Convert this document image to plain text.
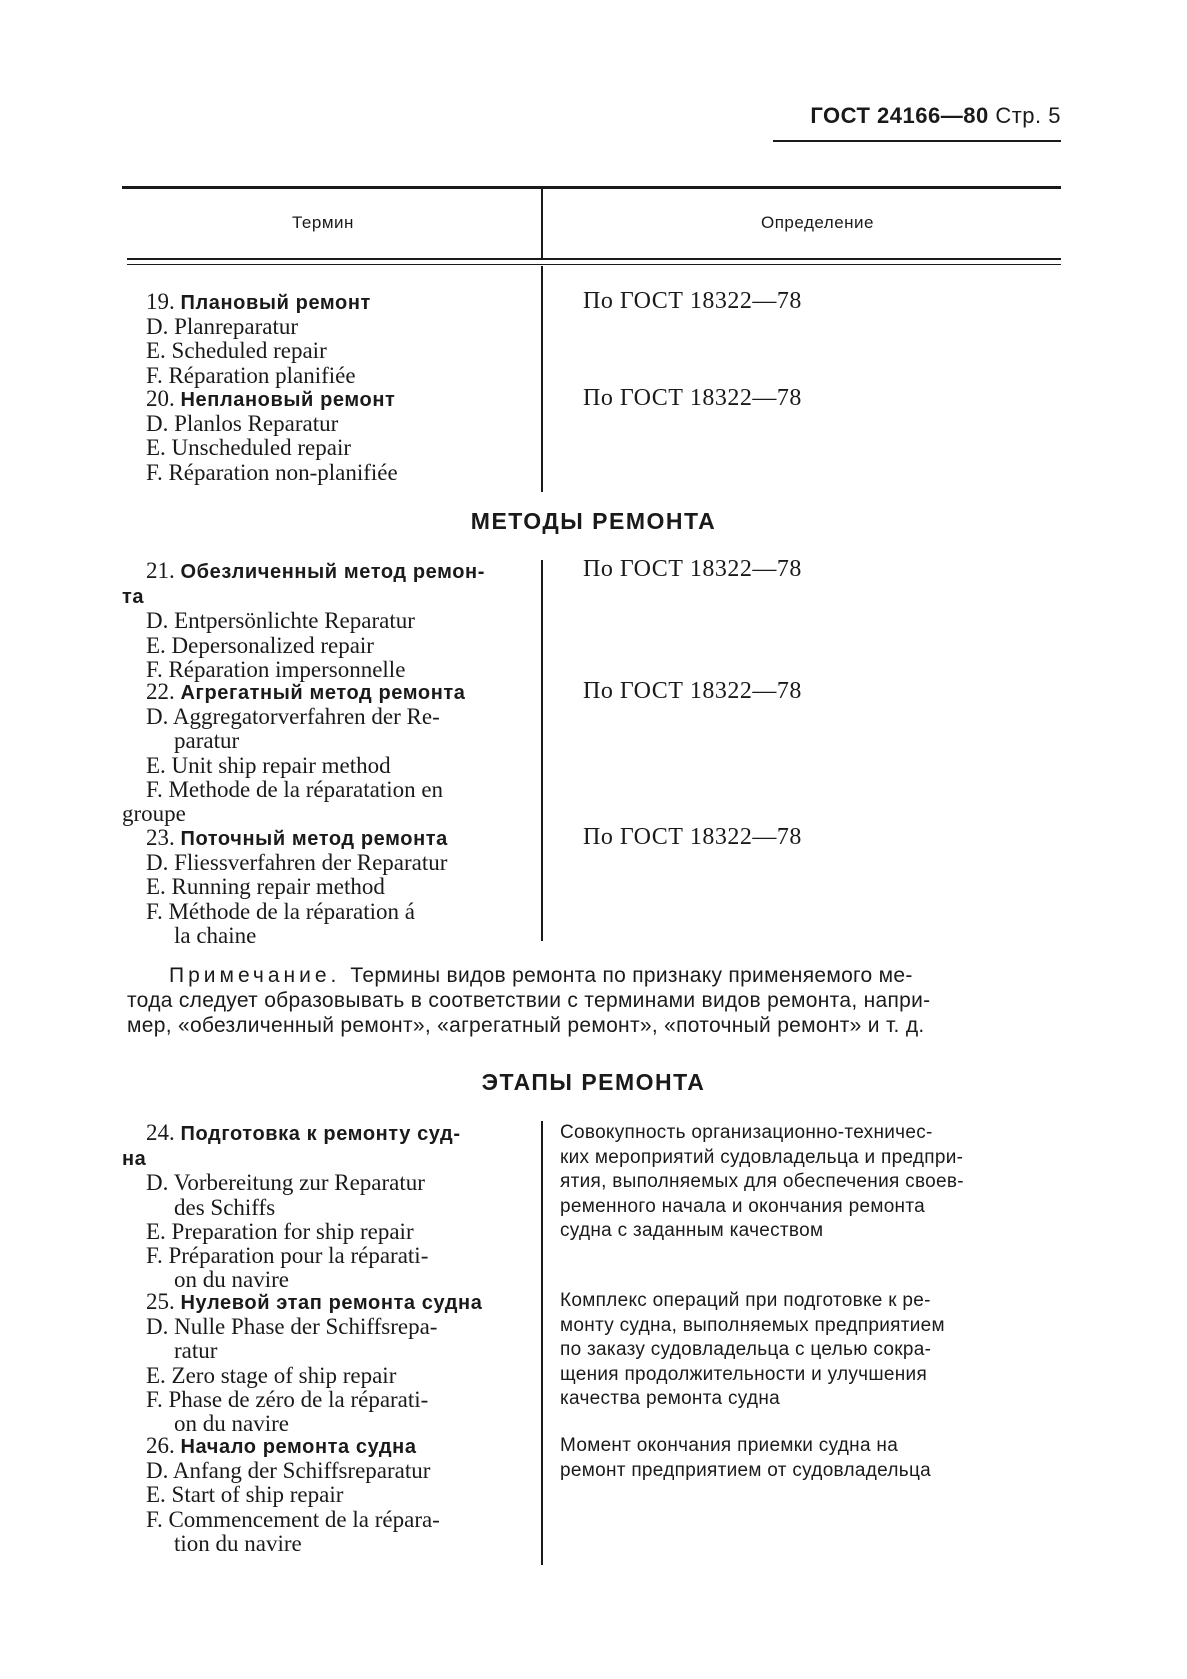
ГОСТ 24166—80 Стр. 5
Термин	Определение
19. Плановый ремонт
D. Planreparatur
E. Scheduled repair
F. Réparation planifiée
По ГОСТ 18322—78
20. Неплановый ремонт
D. Planlos Reparatur
E. Unscheduled repair
F. Réparation non-planifiée
По ГОСТ 18322—78
МЕТОДЫ РЕМОНТА
21. Обезличенный метод ремон-
та
D. Entpersönlichte Reparatur
E. Depersonalized repair
F. Réparation impersonnelle
По ГОСТ 18322—78
22. Агрегатный метод ремонта
D. Aggregatorverfahren der Re-
paratur
E. Unit ship repair method
F. Methode de la réparatation en
groupe
По ГОСТ 18322—78
23. Поточный метод ремонта
D. Fliessverfahren der Reparatur
E. Running repair method
F. Méthode de la réparation á
la chaine
По ГОСТ 18322—78
Примечание. Термины видов ремонта по признаку применяемого ме-
тода следует образовывать в соответствии с терминами видов ремонта, напри-
мер, «обезличенный ремонт», «агрегатный ремонт», «поточный ремонт» и т. д.
ЭТАПЫ РЕМОНТА
24. Подготовка к ремонту суд-
на
D. Vorbereitung zur Reparatur
des Schiffs
E. Preparation for ship repair
F. Préparation pour la réparati-
on du navire
Совокупность организационно-техничес-
ких мероприятий судовладельца и предпри-
ятия, выполняемых для обеспечения своев-
ременного начала и окончания ремонта
судна с заданным качеством
25. Нулевой этап ремонта судна
D. Nulle Phase der Schiffsrepa-
ratur
E. Zero stage of ship repair
F. Phase de zéro de la réparati-
on du navire
Комплекс операций при подготовке к ре-
монту судна, выполняемых предприятием
по заказу судовладельца с целью сокра-
щения продолжительности и улучшения
качества ремонта судна
26. Начало ремонта судна
D. Anfang der Schiffsreparatur
E. Start of ship repair
F. Commencement de la répara-
tion du navire
Момент окончания приемки судна на
ремонт предприятием от судовладельца
